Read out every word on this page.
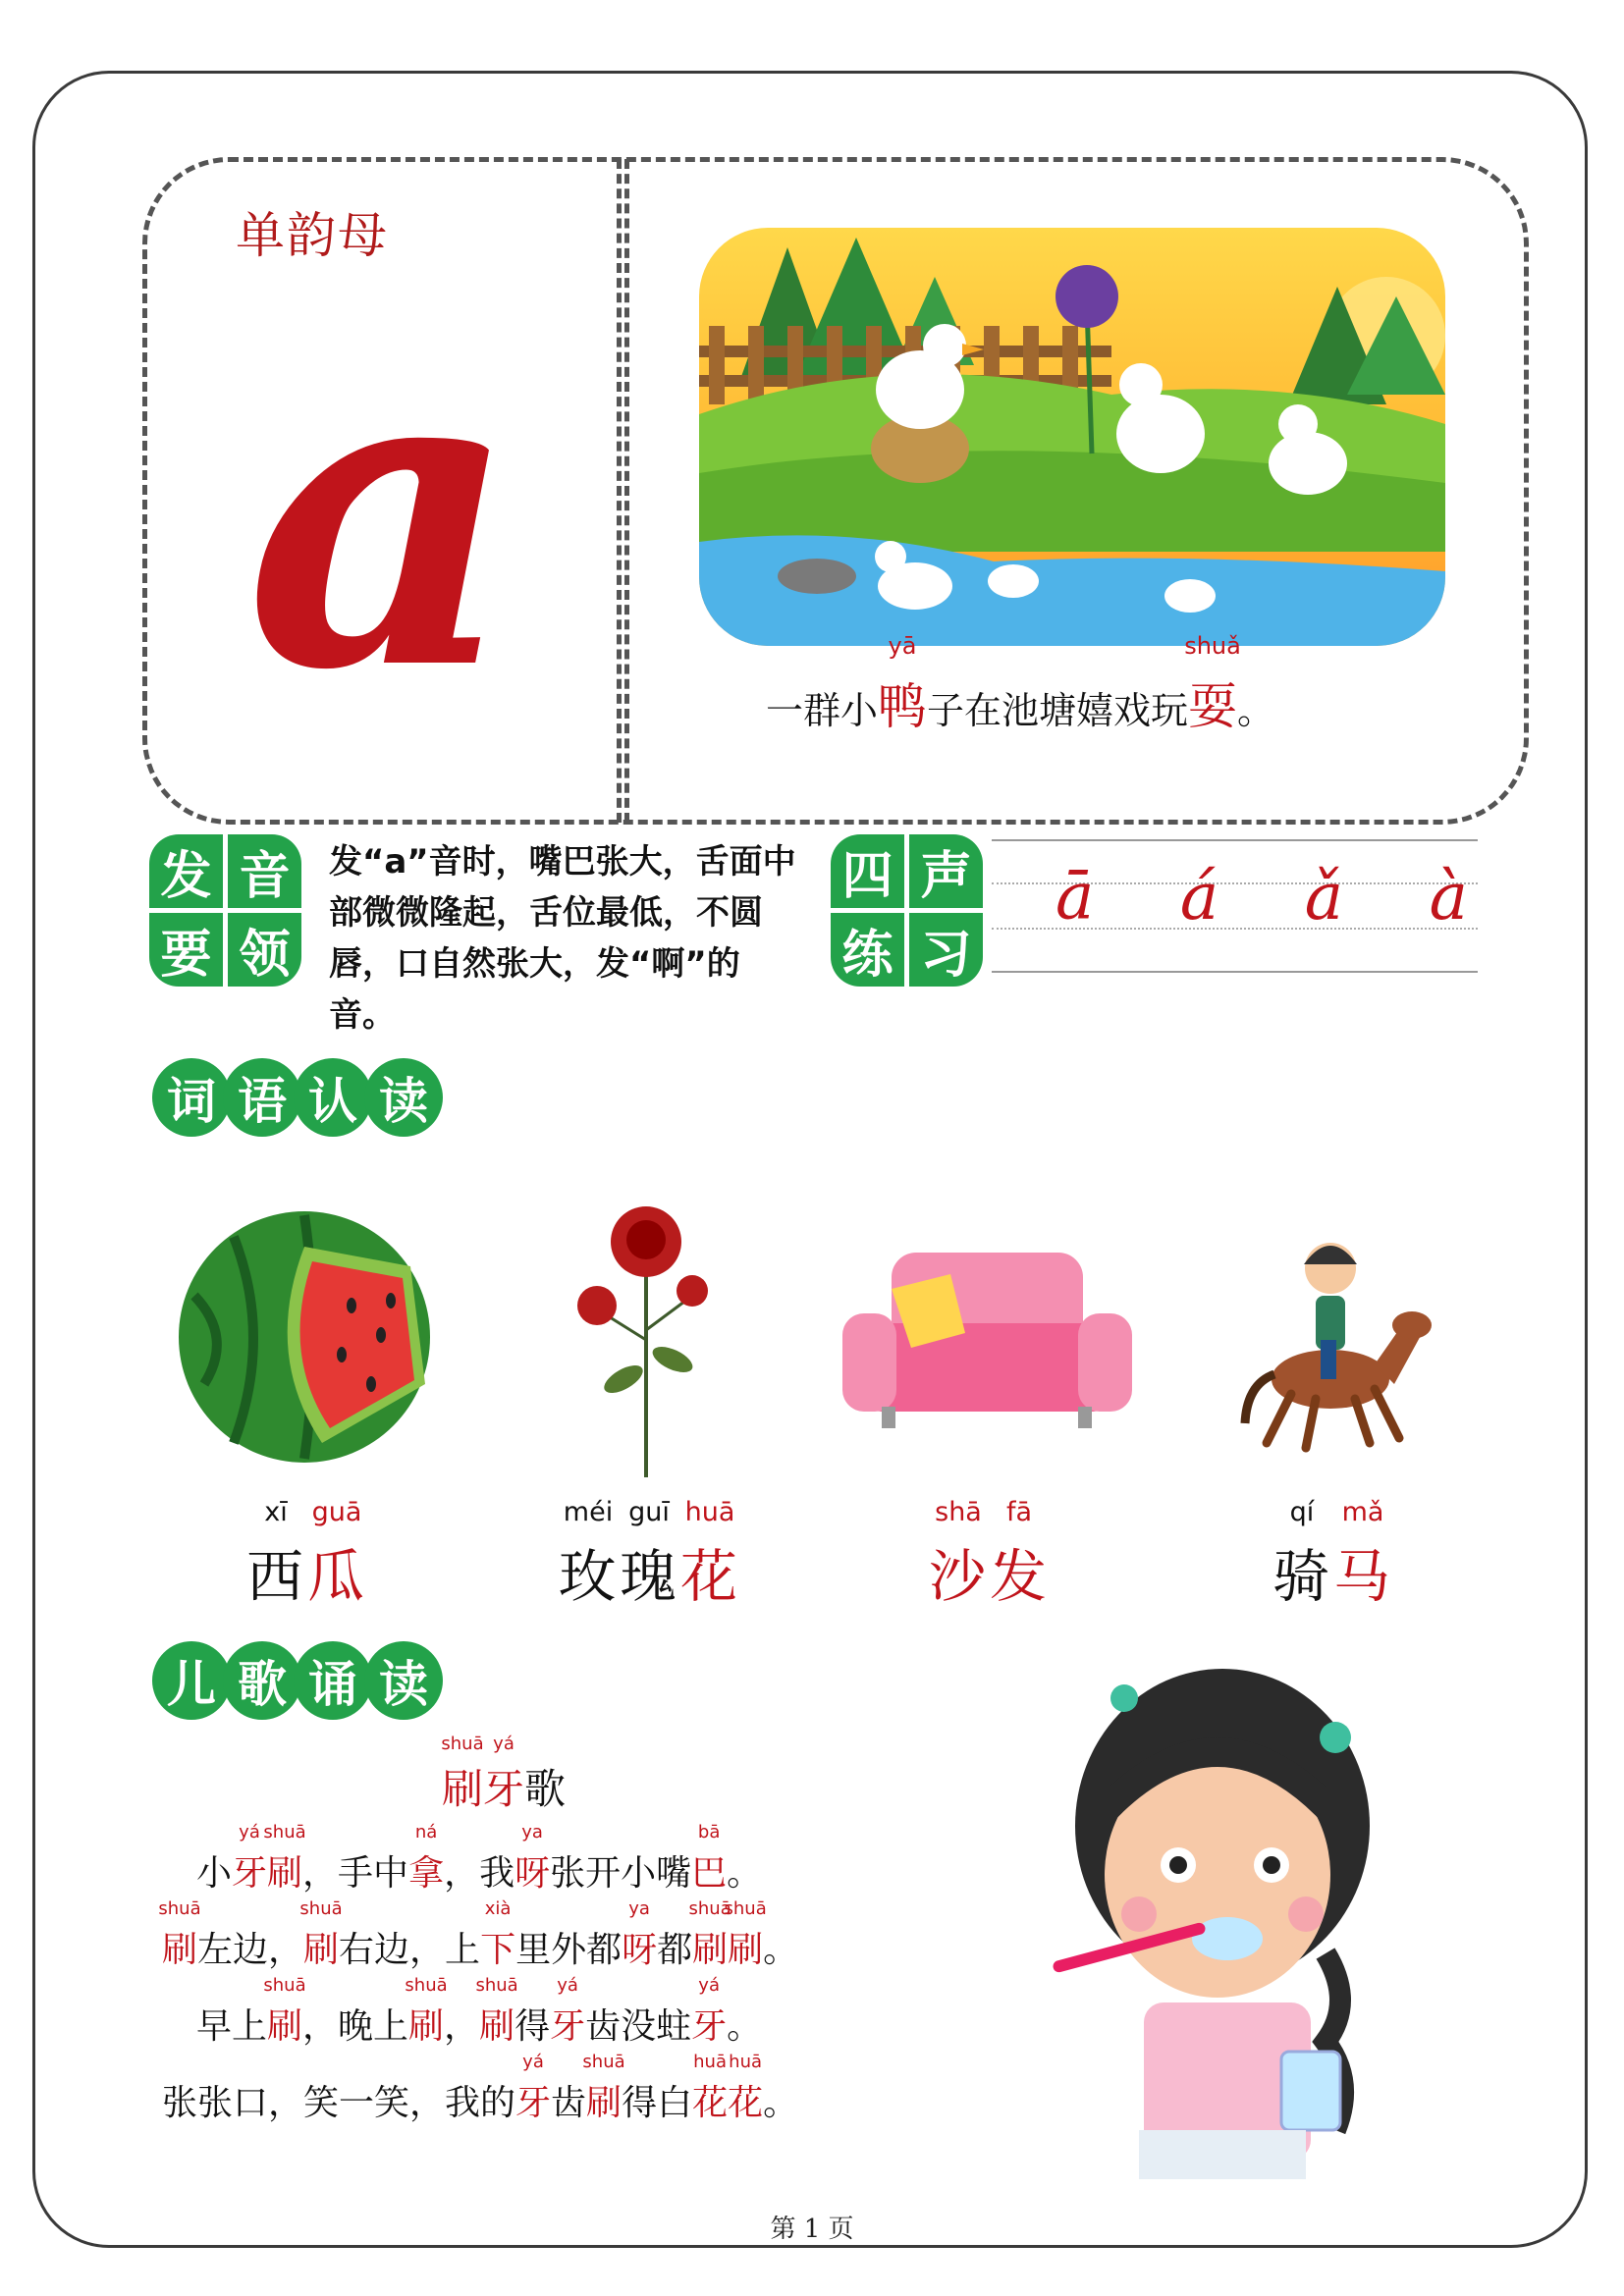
单韵母
a	一群小鸭
yā
子在池塘嬉戏玩耍
shuǎ
。
发 音
要 领
发“a”音时，嘴巴张大，舌面中部微微隆起，舌位最低，不圆唇，口自然张大，发“啊”的音。
四 声
练 习
ā á ǎ à
词 语 认 读
xī guā
西瓜
méi guī huā
玫瑰花
shā fā
沙发
qí mǎ
骑马
儿 歌 诵 读
刷
shuā
牙
yá
歌
小牙
yá
刷
shuā
，手中拿
ná
，我呀
ya
张开小嘴巴
bā
。
刷
shuā
左边，刷
shuā
右边，上下
xià
里外都呀
ya
都刷
shuā
刷
shuā
。
早上刷
shuā
，晚上刷
shuā
，刷
shuā
得牙
yá
齿没蛀牙
yá
。
张张口，笑一笑，我的牙
yá
齿刷
shuā
得白花
huā
花
huā
。
第 1 页
